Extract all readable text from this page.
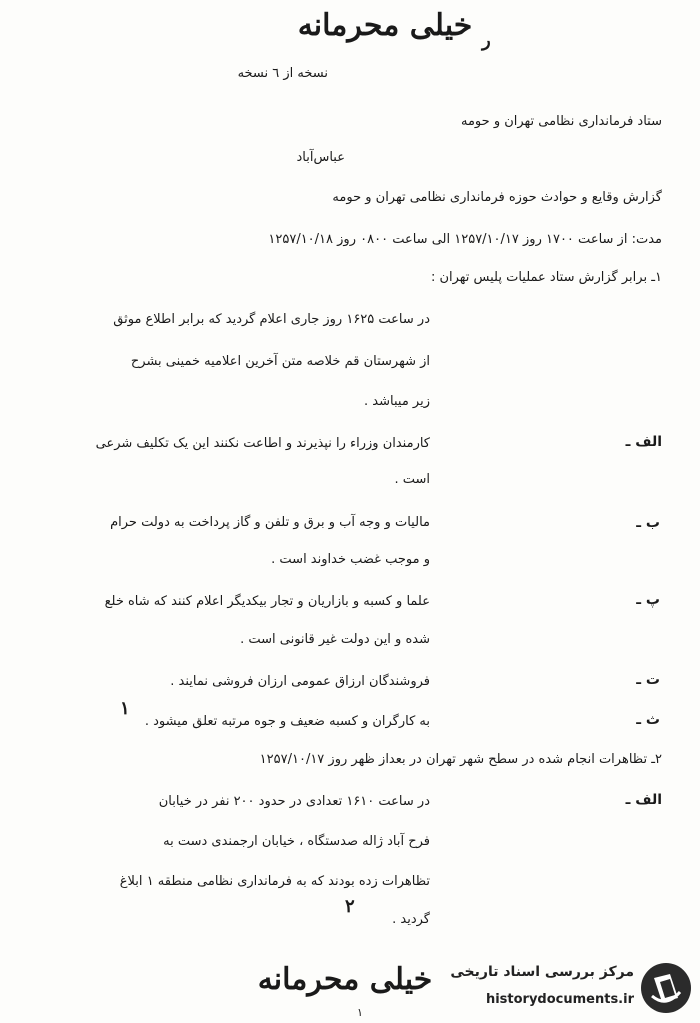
خیلی محرمانه ر
نسخه از ٦ نسخه
ستاد فرمانداری نظامی تهران و حومه
عباس‌آباد
گزارش وقایع و حوادث حوزه فرمانداری نظامی تهران و حومه
مدت: از ساعت ۱۷۰۰ روز ۱۲۵۷/۱۰/۱۷ الی ساعت ۰۸۰۰ روز ۱۲۵۷/۱۰/۱۸
١ـ برابر گزارش ستاد عملیات پلیس تهران :
در ساعت ۱۶۲۵ روز جاری اعلام گردید که برابر اطلاع موثق
از شهرستان قم خلاصه متن آخرین اعلامیه خمینی بشرح
زیر میباشد .
الف ـ
کارمندان وزراء را نپذیرند و اطاعت نکنند این یک تکلیف شرعی
است .
ب ـ
مالیات و وجه آب و برق و تلفن و گاز پرداخت به دولت حرام
و موجب غضب خداوند است .
پ ـ
علما و کسبه و بازاریان و تجار بیکدیگر اعلام کنند که شاه خلع
شده و این دولت غیر قانونی است .
ت ـ
فروشندگان ارزاق عمومی ارزان فروشی نمایند .
ث ـ
به کارگران و کسبه ضعیف و جوه مرتبه تعلق میشود .
۱
٢ـ تظاهرات انجام شده در سطح شهر تهران در بعداز ظهر روز ۱۲۵۷/۱۰/۱۷
الف ـ
در ساعت ۱۶۱۰ تعدادی در حدود ۲۰۰ نفر در خیابان
فرح آباد ژاله صدستگاه ، خیابان ارجمندی دست به
تظاهرات زده بودند که به فرمانداری نظامی منطقه ۱ ابلاغ
گردید .
۲
خیلی محرمانه
١
مرکز بررسی اسناد تاریخی
historydocuments.ir
